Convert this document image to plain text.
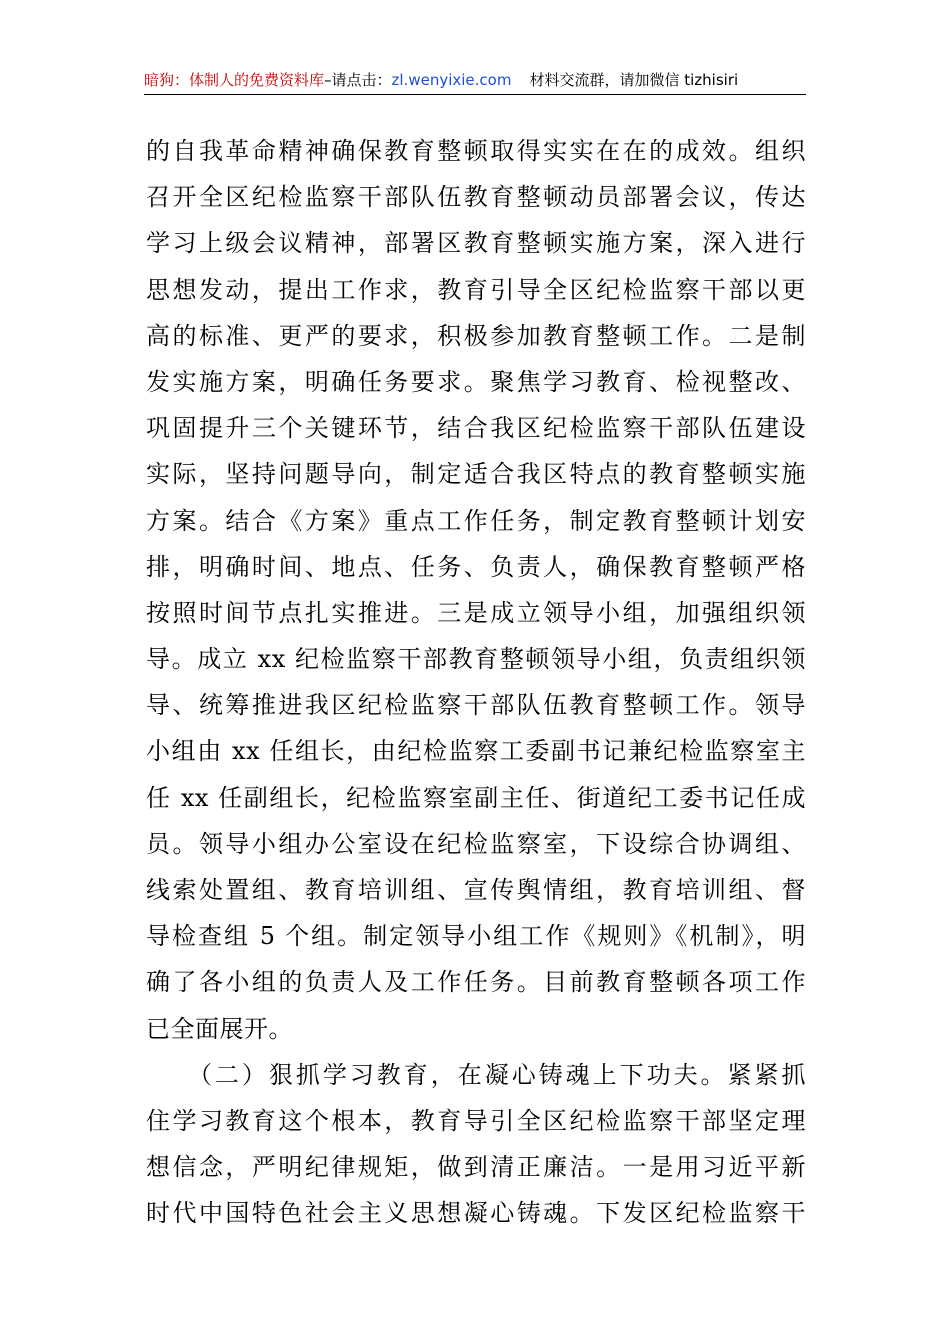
暗狗：体制人的免费资料库–请点击：zl.wenyixie.com 材料交流群，请加微信 tizhisiri
的自我革命精神确保教育整顿取得实实在在的成效。组织
召开全区纪检监察干部队伍教育整顿动员部署会议，传达
学习上级会议精神，部署区教育整顿实施方案，深入进行
思想发动，提出工作求，教育引导全区纪检监察干部以更
高的标准、更严的要求，积极参加教育整顿工作。二是制
发实施方案，明确任务要求。聚焦学习教育、检视整改、
巩固提升三个关键环节，结合我区纪检监察干部队伍建设
实际，坚持问题导向，制定适合我区特点的教育整顿实施
方案。结合《方案》重点工作任务，制定教育整顿计划安
排，明确时间、地点、任务、负责人，确保教育整顿严格
按照时间节点扎实推进。三是成立领导小组，加强组织领
导。成立 xx 纪检监察干部教育整顿领导小组，负责组织领
导、统筹推进我区纪检监察干部队伍教育整顿工作。领导
小组由 xx 任组长，由纪检监察工委副书记兼纪检监察室主
任 xx 任副组长，纪检监察室副主任、街道纪工委书记任成
员。领导小组办公室设在纪检监察室，下设综合协调组、
线索处置组、教育培训组、宣传舆情组，教育培训组、督
导检查组 5 个组。制定领导小组工作《规则》《机制》，明
确了各小组的负责人及工作任务。目前教育整顿各项工作
已全面展开。
　　（二）狠抓学习教育，在凝心铸魂上下功夫。紧紧抓
住学习教育这个根本，教育导引全区纪检监察干部坚定理
想信念，严明纪律规矩，做到清正廉洁。一是用习近平新
时代中国特色社会主义思想凝心铸魂。下发区纪检监察干
